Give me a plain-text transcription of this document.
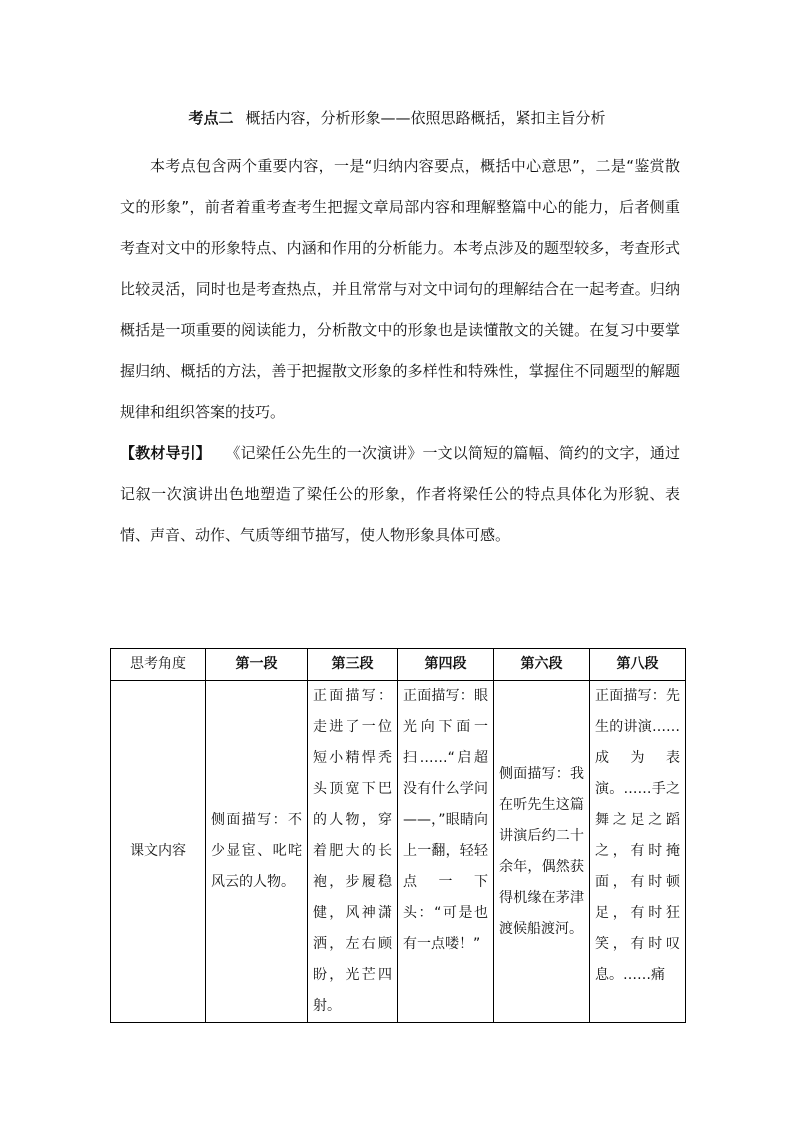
考点二 概括内容，分析形象——依照思路概括，紧扣主旨分析

本考点包含两个重要内容，一是“归纳内容要点，概括中心意思”，二是“鉴赏散文的形象”，前者着重考查考生把握文章局部内容和理解整篇中心的能力，后者侧重考查对文中的形象特点、内涵和作用的分析能力。本考点涉及的题型较多，考查形式比较灵活，同时也是考查热点，并且常常与对文中词句的理解结合在一起考查。归纳概括是一项重要的阅读能力，分析散文中的形象也是读懂散文的关键。在复习中要掌握归纳、概括的方法，善于把握散文形象的多样性和特殊性，掌握住不同题型的解题规律和组织答案的技巧。

【教材导引】 《记梁任公先生的一次演讲》一文以简短的篇幅、简约的文字，通过记叙一次演讲出色地塑造了梁任公的形象，作者将梁任公的特点具体化为形貌、表情、声音、动作、气质等细节描写，使人物形象具体可感。

思考角度	第一段	第三段	第四段	第六段	第八段
课文内容	侧面描写：不少显宦、叱咤风云的人物。	正面描写：走进了一位短小精悍秃头顶宽下巴的人物，穿着肥大的长袍，步履稳健，风神潇洒，左右顾盼，光芒四射。	正面描写：眼光向下面一扫……“启超没有什么学问——，”眼睛向上一翻，轻轻点一下头：“可是也有一点喽！”	侧面描写：我在听先生这篇讲演后约二十余年，偶然获得机缘在茅津渡候船渡河。	正面描写：先生的讲演……成为表演。……手之舞之足之蹈之，有时掩面，有时顿足，有时狂笑，有时叹息。……痛
